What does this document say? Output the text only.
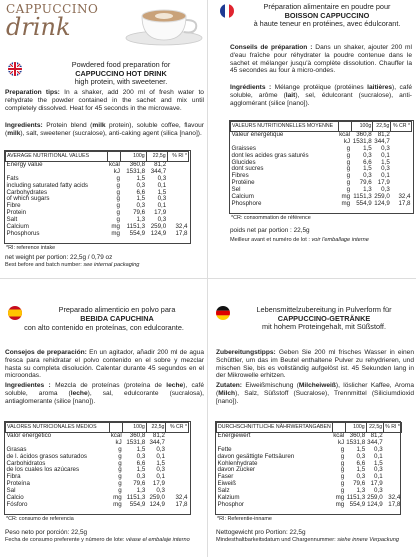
CAPPUCCINO
drink
Powdered food preparation for
CAPPUCCINO HOT DRINK
high protein, with sweetener.
Preparation tips: In a shaker, add 200 ml of fresh water to rehydrate the powder contained in the sachet and mix until completely dissolved. Heat for 45 seconds in the microwave.
Ingredients: Protein blend (milk protein), soluble coffee, flavour (milk), salt, sweetener (sucralose), anti-caking agent (silica [nano]).
AVERAGE NUTRITIONAL VALUES		100g	22,5g	% RI *
Energy value	kcal	360,8	81,2	
	kJ	1531,8	344,7	
Fats	g	1,5	0,3	
including saturated fatty acids	g	0,3	0,1	
Carbohydrates	g	6,6	1,5	
of which sugars	g	1,5	0,3	
Fibre	g	0,3	0,1	
Protein	g	79,6	17,9	
Salt	g	1,3	0,3	
Calcium	mg	1151,3	259,0	32,4
Phosphorus	mg	554,9	124,9	17,8
*RI: reference intake
net weight per portion: 22,5g / 0,79 oz
Best before and batch number: see internal packaging
Préparation alimentaire en poudre pour
BOISSON CAPPUCCINO
à haute teneur en protéines, avec édulcorant.
Conseils de préparation : Dans un shaker, ajouter 200 ml d'eau fraîche pour réhydrater la poudre contenue dans le sachet et mélanger jusqu'à complète dissolution. Chauffer la 45 secondes au four à micro-ondes.
Ingrédients : Mélange protéique (protéines laitières), café soluble, arôme (lait), sel, édulcorant (sucralose), anti-agglomérant (silice [nano]).
VALEURS NUTRITIONNELLES MOYENNE		100g	22,5g	% CR *
Valeur énergétique	kcal	360,8	81,2	
	kJ	1531,8	344,7	
Graisses	g	1,5	0,3	
dont les acides gras saturés	g	0,3	0,1	
Glucides	g	6,6	1,5	
dont sucres	g	1,5	0,3	
Fibres	g	0,3	0,1	
Protéine	g	79,6	17,9	
Sel	g	1,3	0,3	
Calcium	mg	1151,3	259,0	32,4
Phosphore	mg	554,9	124,9	17,8
*CR: consommation de référence
poids net par portion : 22,5g
Meilleur avant et numéro de lot : voir l'emballage interne
Preparado alimenticio en polvo para
BEBIDA CAPUCHINA
con alto contenido en proteínas, con edulcorante.
Consejos de preparación: En un agitador, añadir 200 ml de agua fresca para rehidratar el polvo contenido en el sobre y mezclar hasta su completa disolución. Calentar durante 45 segundos en el microondas.
Ingredientes : Mezcla de proteínas (proteína de leche), café soluble, aroma (leche), sal, edulcorante (sucralosa), antiaglomerante (silice [nano]).
VALORES NUTRICIONALES MEDIOS		100g	22,5g	% CR *
Valor energético	kcal	360,8	81,2	
	kJ	1531,8	344,7	
Grasas	g	1,5	0,3	
de l. ácidos grasos saturados	g	0,3	0,1	
Carbohidratos	g	6,6	1,5	
de los cuales los azúcares	g	1,5	0,3	
Fibra	g	0,3	0,1	
Proteína	g	79,6	17,9	
Sal	g	1,3	0,3	
Calcio	mg	1151,3	259,0	32,4
Fósforo	mg	554,9	124,9	17,8
*CR: consumo de referencia
Peso neto por porción: 22,5g
Fecha de consumo preferente y número de lote: véase el embalaje interno
Lebensmittelzubereitung in Pulverform für
CAPPUCCINO-GETRÄNKE
mit hohem Proteingehalt, mit Süßstoff.
Zubereitungstipps: Geben Sie 200 ml frisches Wasser in einen Schüttler, um das im Beutel enthaltene Pulver zu rehydrieren, und mischen Sie, bis es vollständig aufgelöst ist. 45 Sekunden lang in der Mikrowelle erhitzen.
Zutaten: Eiweißmischung (Milcheiweiß), löslicher Kaffee, Aroma (Milch), Salz, Süßstoff (Sucralose), Trennmittel (Siliciumdioxid [nano]).
DURCHSCHNITTLICHE NÄHRWERTANGABEN		100g	22,5g	% RI *
Energiewert	kcal	360,8	81,2	
	kJ	1531,8	344,7	
Fette	g	1,5	0,3	
davon gesättigte Fettsäuren	g	0,3	0,1	
Kohlenhydrate	g	6,6	1,5	
davon Zucker	g	1,5	0,3	
Faser	g	0,3	0,1	
Eiweiß	g	79,6	17,9	
Salz	g	1,3	0,3	
Kalzium	mg	1151,3	259,0	32,4
Phosphor	mg	554,9	124,9	17,8
*RI: Referentie-inname
Nettogewicht pro Portion: 22,5g
Mindesthaltbarkeitsdatum und Chargennummer: siehe innere Verpackung
